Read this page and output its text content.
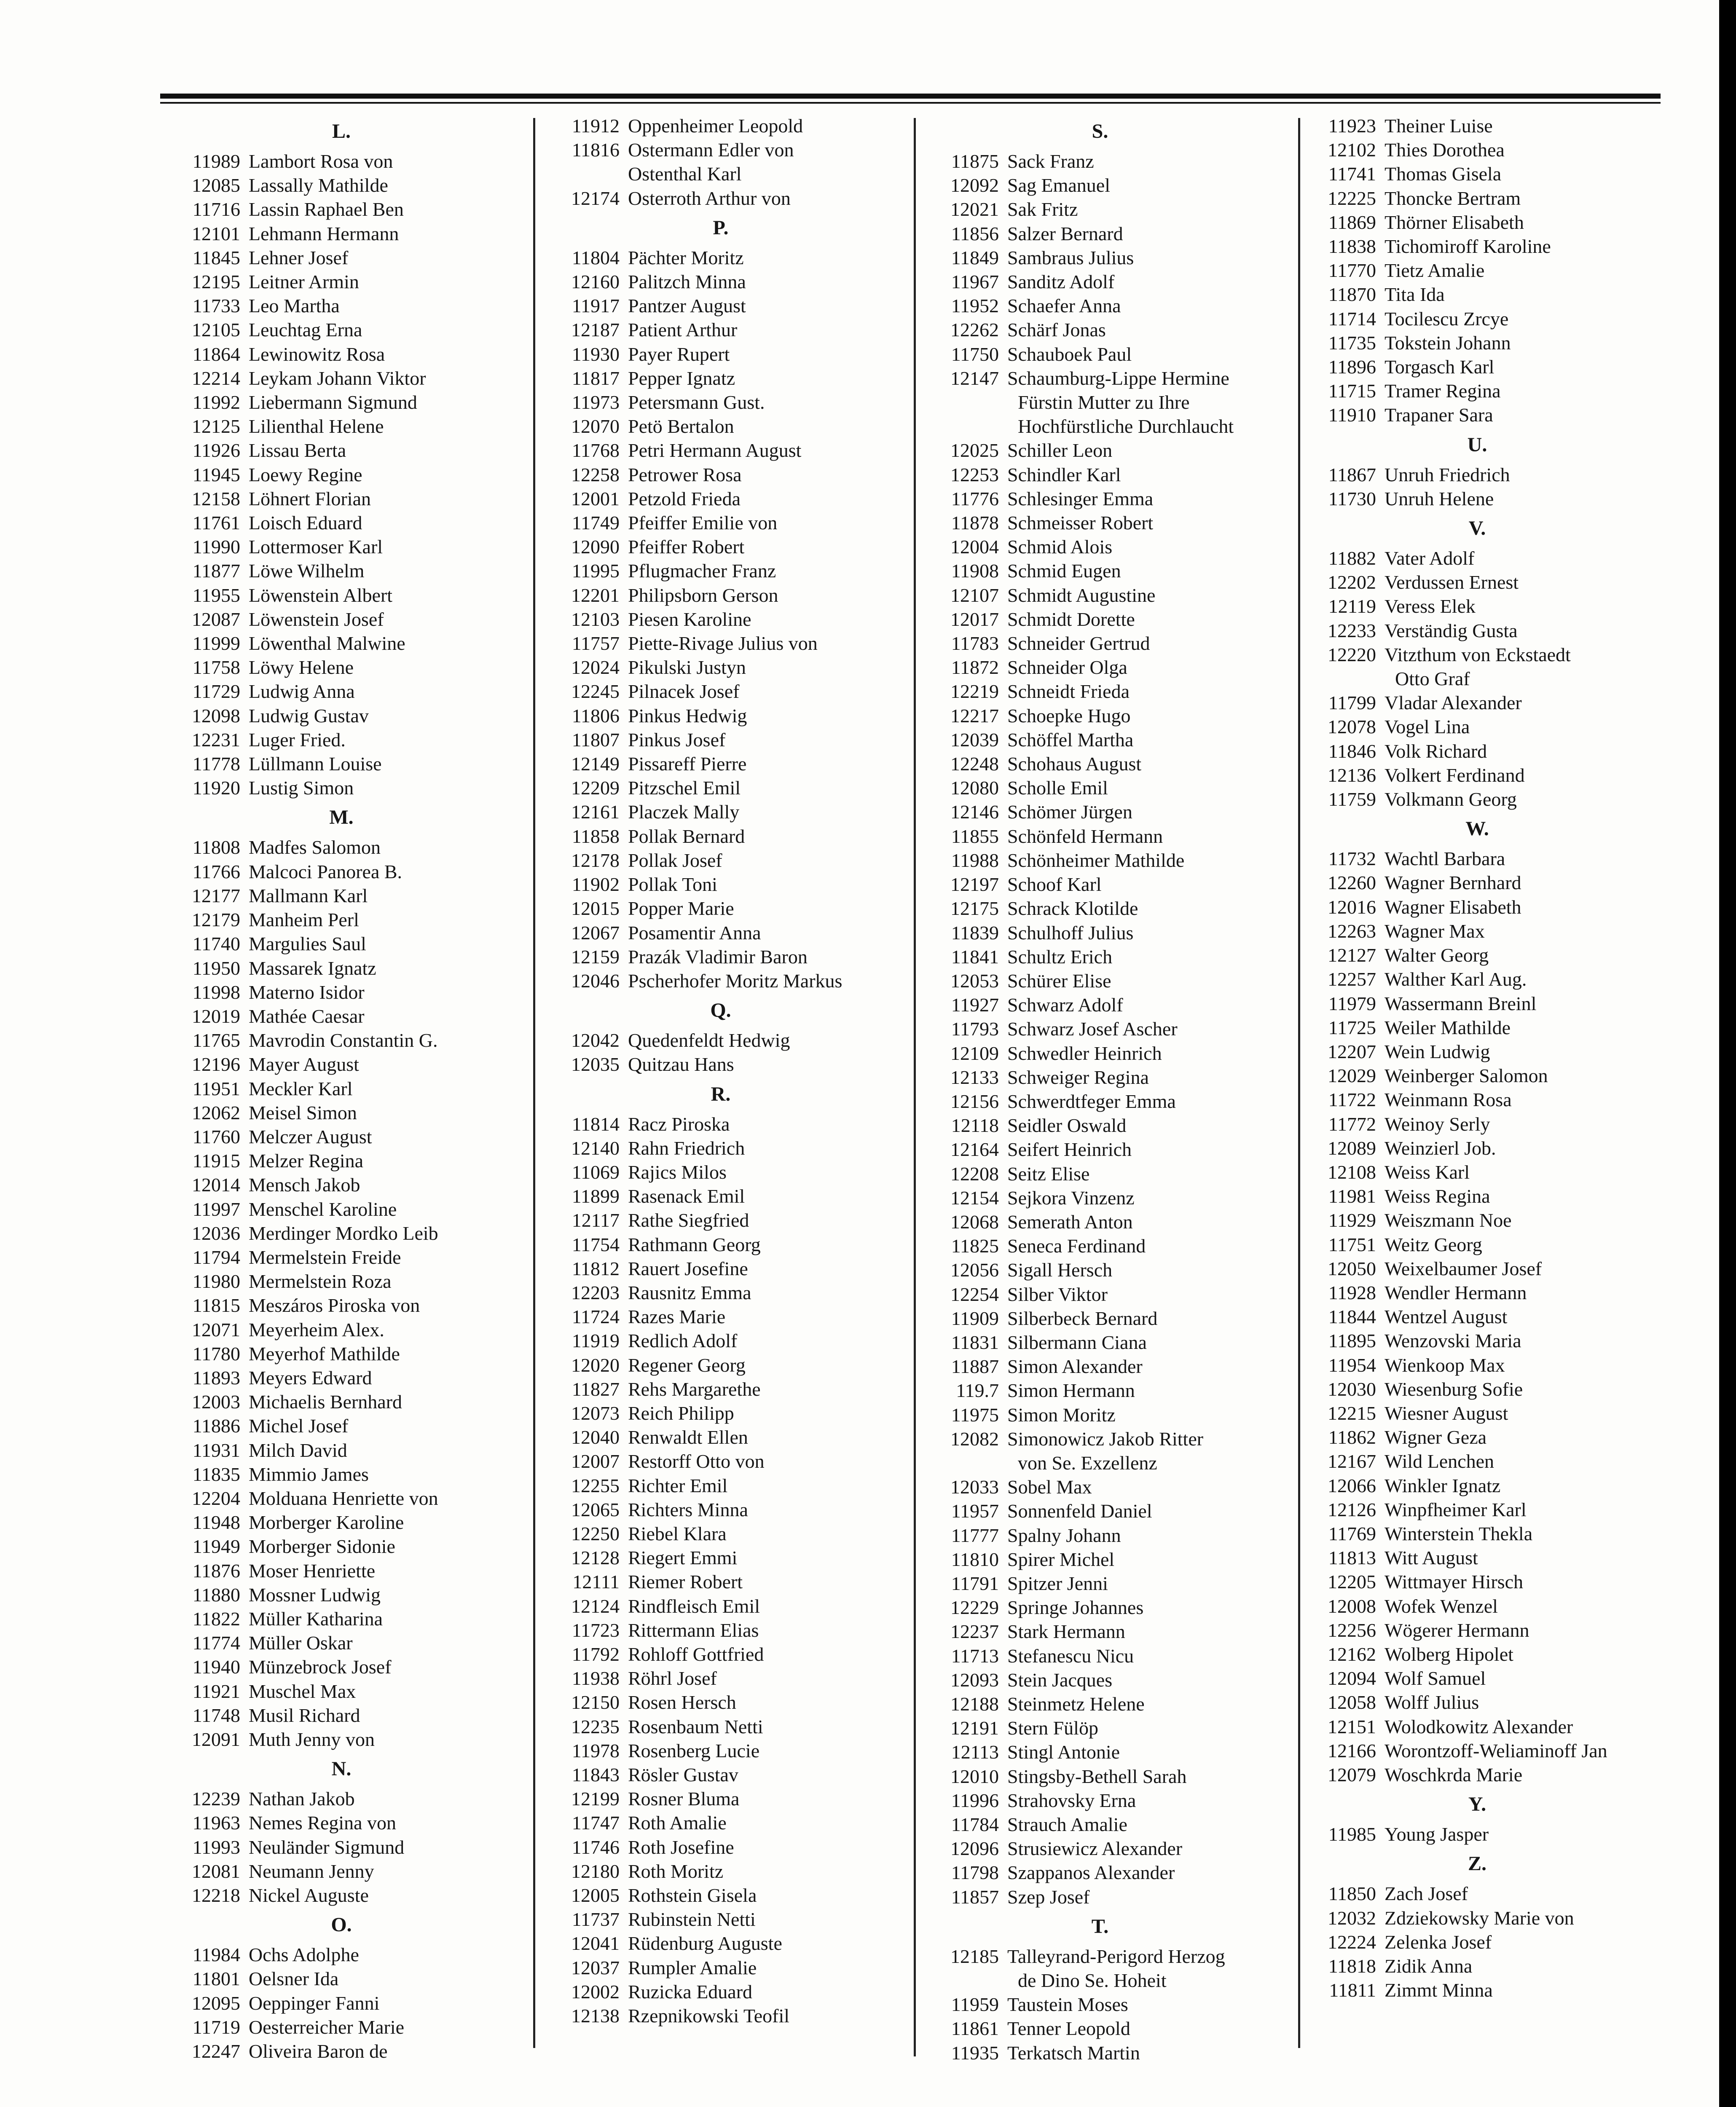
L.
11989 Lambort Rosa von
12085 Lassally Mathilde
11716 Lassin Raphael Ben
12101 Lehmann Hermann
11845 Lehner Josef
12195 Leitner Armin
11733 Leo Martha
12105 Leuchtag Erna
11864 Lewinowitz Rosa
12214 Leykam Johann Viktor
11992 Liebermann Sigmund
12125 Lilienthal Helene
11926 Lissau Berta
11945 Loewy Regine
12158 Löhnert Florian
11761 Loisch Eduard
11990 Lottermoser Karl
11877 Löwe Wilhelm
11955 Löwenstein Albert
12087 Löwenstein Josef
11999 Löwenthal Malwine
11758 Löwy Helene
11729 Ludwig Anna
12098 Ludwig Gustav
12231 Luger Fried.
11778 Lüllmann Louise
11920 Lustig Simon
M.
11808 Madfes Salomon
11766 Malcoci Panorea B.
12177 Mallmann Karl
12179 Manheim Perl
11740 Margulies Saul
11950 Massarek Ignatz
11998 Materno Isidor
12019 Mathée Caesar
11765 Mavrodin Constantin G.
12196 Mayer August
11951 Meckler Karl
12062 Meisel Simon
11760 Melczer August
11915 Melzer Regina
12014 Mensch Jakob
11997 Menschel Karoline
12036 Merdinger Mordko Leib
11794 Mermelstein Freide
11980 Mermelstein Roza
11815 Meszáros Piroska von
12071 Meyerheim Alex.
11780 Meyerhof Mathilde
11893 Meyers Edward
12003 Michaelis Bernhard
11886 Michel Josef
11931 Milch David
11835 Mimmio James
12204 Molduana Henriette von
11948 Morberger Karoline
11949 Morberger Sidonie
11876 Moser Henriette
11880 Mossner Ludwig
11822 Müller Katharina
11774 Müller Oskar
11940 Münzebrock Josef
11921 Muschel Max
11748 Musil Richard
12091 Muth Jenny von
N.
12239 Nathan Jakob
11963 Nemes Regina von
11993 Neuländer Sigmund
12081 Neumann Jenny
12218 Nickel Auguste
O.
11984 Ochs Adolphe
11801 Oelsner Ida
12095 Oeppinger Fanni
11719 Oesterreicher Marie
12247 Oliveira Baron de
11912 Oppenheimer Leopold
11816 Ostermann Edler von
Ostenthal Karl
12174 Osterroth Arthur von
P.
11804 Pächter Moritz
12160 Palitzch Minna
11917 Pantzer August
12187 Patient Arthur
11930 Payer Rupert
11817 Pepper Ignatz
11973 Petersmann Gust.
12070 Petö Bertalon
11768 Petri Hermann August
12258 Petrower Rosa
12001 Petzold Frieda
11749 Pfeiffer Emilie von
12090 Pfeiffer Robert
11995 Pflugmacher Franz
12201 Philipsborn Gerson
12103 Piesen Karoline
11757 Piette-Rivage Julius von
12024 Pikulski Justyn
12245 Pilnacek Josef
11806 Pinkus Hedwig
11807 Pinkus Josef
12149 Pissareff Pierre
12209 Pitzschel Emil
12161 Placzek Mally
11858 Pollak Bernard
12178 Pollak Josef
11902 Pollak Toni
12015 Popper Marie
12067 Posamentir Anna
12159 Prazák Vladimir Baron
12046 Pscherhofer Moritz Markus
Q.
12042 Quedenfeldt Hedwig
12035 Quitzau Hans
R.
11814 Racz Piroska
12140 Rahn Friedrich
11069 Rajics Milos
11899 Rasenack Emil
12117 Rathe Siegfried
11754 Rathmann Georg
11812 Rauert Josefine
12203 Rausnitz Emma
11724 Razes Marie
11919 Redlich Adolf
12020 Regener Georg
11827 Rehs Margarethe
12073 Reich Philipp
12040 Renwaldt Ellen
12007 Restorff Otto von
12255 Richter Emil
12065 Richters Minna
12250 Riebel Klara
12128 Riegert Emmi
12111 Riemer Robert
12124 Rindfleisch Emil
11723 Rittermann Elias
11792 Rohloff Gottfried
11938 Röhrl Josef
12150 Rosen Hersch
12235 Rosenbaum Netti
11978 Rosenberg Lucie
11843 Rösler Gustav
12199 Rosner Bluma
11747 Roth Amalie
11746 Roth Josefine
12180 Roth Moritz
12005 Rothstein Gisela
11737 Rubinstein Netti
12041 Rüdenburg Auguste
12037 Rumpler Amalie
12002 Ruzicka Eduard
12138 Rzepnikowski Teofil
S.
11875 Sack Franz
12092 Sag Emanuel
12021 Sak Fritz
11856 Salzer Bernard
11849 Sambraus Julius
11967 Sanditz Adolf
11952 Schaefer Anna
12262 Schärf Jonas
11750 Schauboek Paul
12147 Schaumburg-Lippe Hermine
Fürstin Mutter zu Ihre
Hochfürstliche Durchlaucht
12025 Schiller Leon
12253 Schindler Karl
11776 Schlesinger Emma
11878 Schmeisser Robert
12004 Schmid Alois
11908 Schmid Eugen
12107 Schmidt Augustine
12017 Schmidt Dorette
11783 Schneider Gertrud
11872 Schneider Olga
12219 Schneidt Frieda
12217 Schoepke Hugo
12039 Schöffel Martha
12248 Schohaus August
12080 Scholle Emil
12146 Schömer Jürgen
11855 Schönfeld Hermann
11988 Schönheimer Mathilde
12197 Schoof Karl
12175 Schrack Klotilde
11839 Schulhoff Julius
11841 Schultz Erich
12053 Schürer Elise
11927 Schwarz Adolf
11793 Schwarz Josef Ascher
12109 Schwedler Heinrich
12133 Schweiger Regina
12156 Schwerdtfeger Emma
12118 Seidler Oswald
12164 Seifert Heinrich
12208 Seitz Elise
12154 Sejkora Vinzenz
12068 Semerath Anton
11825 Seneca Ferdinand
12056 Sigall Hersch
12254 Silber Viktor
11909 Silberbeck Bernard
11831 Silbermann Ciana
11887 Simon Alexander
119.7 Simon Hermann
11975 Simon Moritz
12082 Simonowicz Jakob Ritter
von Se. Exzellenz
12033 Sobel Max
11957 Sonnenfeld Daniel
11777 Spalny Johann
11810 Spirer Michel
11791 Spitzer Jenni
12229 Springe Johannes
12237 Stark Hermann
11713 Stefanescu Nicu
12093 Stein Jacques
12188 Steinmetz Helene
12191 Stern Fülöp
12113 Stingl Antonie
12010 Stingsby-Bethell Sarah
11996 Strahovsky Erna
11784 Strauch Amalie
12096 Strusiewicz Alexander
11798 Szappanos Alexander
11857 Szep Josef
T.
12185 Talleyrand-Perigord Herzog
de Dino Se. Hoheit
11959 Taustein Moses
11861 Tenner Leopold
11935 Terkatsch Martin
11923 Theiner Luise
12102 Thies Dorothea
11741 Thomas Gisela
12225 Thoncke Bertram
11869 Thörner Elisabeth
11838 Tichomiroff Karoline
11770 Tietz Amalie
11870 Tita Ida
11714 Tocilescu Zrcye
11735 Tokstein Johann
11896 Torgasch Karl
11715 Tramer Regina
11910 Trapaner Sara
U.
11867 Unruh Friedrich
11730 Unruh Helene
V.
11882 Vater Adolf
12202 Verdussen Ernest
12119 Veress Elek
12233 Verständig Gusta
12220 Vitzthum von Eckstaedt
Otto Graf
11799 Vladar Alexander
12078 Vogel Lina
11846 Volk Richard
12136 Volkert Ferdinand
11759 Volkmann Georg
W.
11732 Wachtl Barbara
12260 Wagner Bernhard
12016 Wagner Elisabeth
12263 Wagner Max
12127 Walter Georg
12257 Walther Karl Aug.
11979 Wassermann Breinl
11725 Weiler Mathilde
12207 Wein Ludwig
12029 Weinberger Salomon
11722 Weinmann Rosa
11772 Weinoy Serly
12089 Weinzierl Job.
12108 Weiss Karl
11981 Weiss Regina
11929 Weiszmann Noe
11751 Weitz Georg
12050 Weixelbaumer Josef
11928 Wendler Hermann
11844 Wentzel August
11895 Wenzovski Maria
11954 Wienkoop Max
12030 Wiesenburg Sofie
12215 Wiesner August
11862 Wigner Geza
12167 Wild Lenchen
12066 Winkler Ignatz
12126 Winpfheimer Karl
11769 Winterstein Thekla
11813 Witt August
12205 Wittmayer Hirsch
12008 Wofek Wenzel
12256 Wögerer Hermann
12162 Wolberg Hipolet
12094 Wolf Samuel
12058 Wolff Julius
12151 Wolodkowitz Alexander
12166 Worontzoff-Weliaminoff Jan
12079 Woschkrda Marie
Y.
11985 Young Jasper
Z.
11850 Zach Josef
12032 Zdziekowsky Marie von
12224 Zelenka Josef
11818 Zidik Anna
11811 Zimmt Minna
